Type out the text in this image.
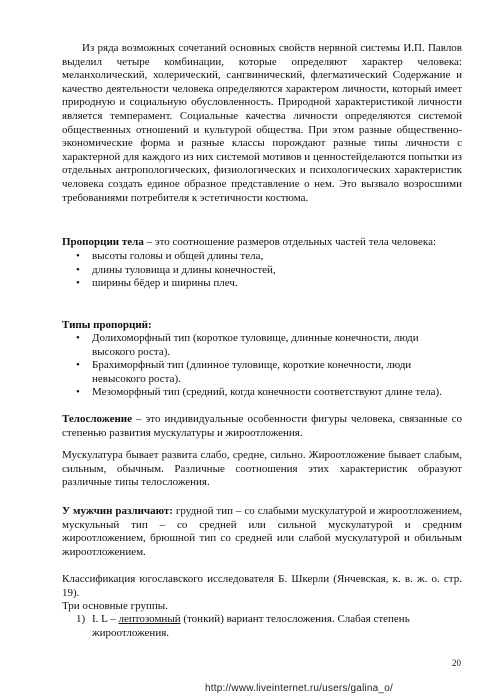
Из ряда возможных сочетаний основных свойств нервной системы И.П. Павлов выделил четыре комбинации, которые определяют характер человека: меланхолический, холерический, сангвинический, флегматический Содержание и качество деятельности человека определяются характером личности, который имеет природную и социальную обусловленность. Природной характеристикой личности является темперамент. Социальные качества личности определяются системой общественных отношений и культурой общества. При этом разные общественно-экономические форма и разные классы порождают разные типы личности с характерной для каждого из них системой мотивов и ценностейделаются попытки из отдельных антропологических, физиологических и психологических характеристик человека создать единое образное представление о нем. Это вызвало возросшими требованиями потребителя к эстетичности костюма.

Пропорции тела – это соотношение размеров отдельных частей тела человека:

• высоты головы и общей длины тела,
• длины туловища и длины конечностей,
• ширины бёдер и ширины плеч.

Типы пропорций:

• Долихоморфный тип (короткое туловище, длинные конечности, люди высокого роста).
• Брахиморфный тип (длинное туловище, короткие конечности, люди невысокого роста).
• Мезоморфный тип (средний, когда конечности соответствуют длине тела).

Телосложение – это индивидуальные особенности фигуры человека, связанные со степенью развития мускулатуры и жироотложения.

Мускулатура бывает развита слабо, средне, сильно. Жироотложение бывает слабым, сильным, обычным. Различные соотношения этих характеристик образуют различные типы телосложения.

У мужчин различают: грудной тип – со слабыми мускулатурой и жироотложением, мускульный тип – со средней или сильной мускулатурой и средним жироотложением, брюшной тип со средней или слабой мускулатурой и обильным жироотложением.

Классификация югославского исследователя Б. Шкерли (Янчевская, к. в. ж. о. стр. 19).

Три основные группы.

1) I. L – лептозомный (тонкий) вариант телосложения. Слабая степень жироотложения.
20
http://www.liveinternet.ru/users/galina_o/
